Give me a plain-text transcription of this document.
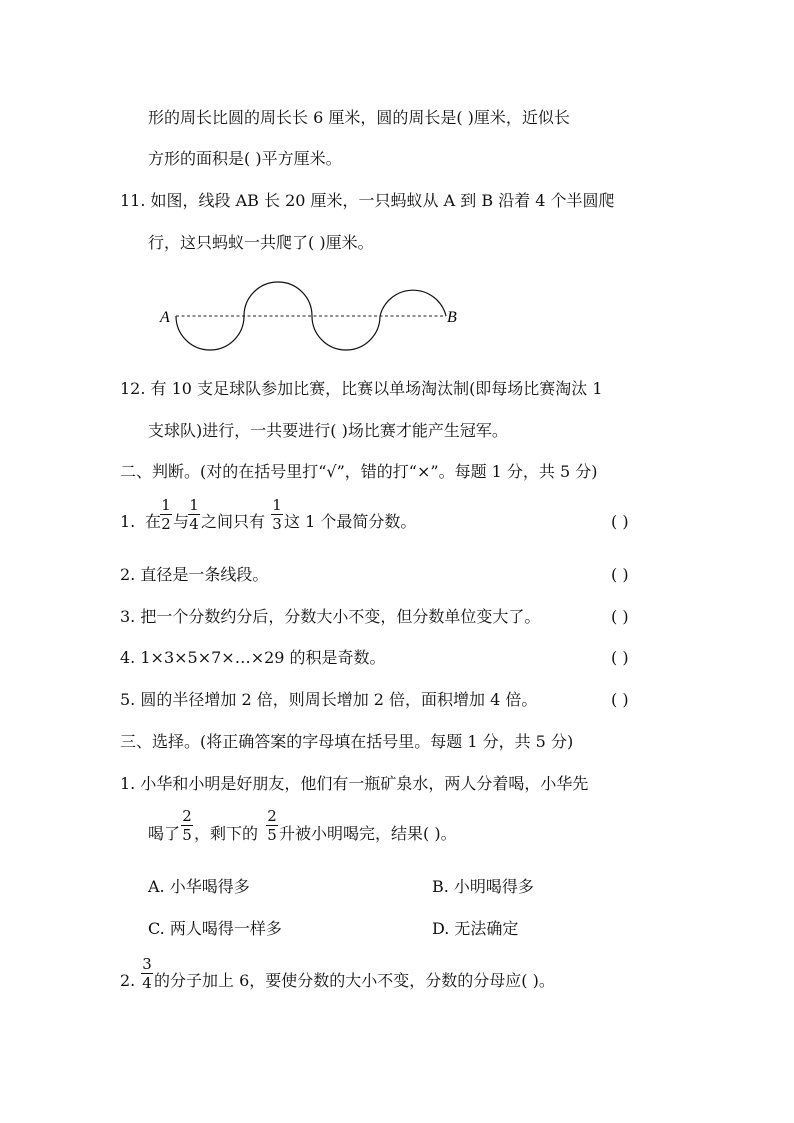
形的周长比圆的周长长 6 厘米，圆的周长是( )厘米，近似长
方形的面积是( )平方厘米。
11. 如图，线段 AB 长 20 厘米，一只蚂蚁从 A 到 B 沿着 4 个半圆爬
行，这只蚂蚁一共爬了( )厘米。
A	B
12. 有 10 支足球队参加比赛，比赛以单场淘汰制(即每场比赛淘汰 1
支球队)进行，一共要进行( )场比赛才能产生冠军。
二、判断。(对的在括号里打“√”，错的打“×”。每题 1 分，共 5 分)
1. 在
1
2 与
1
4 之间只有
1
3 这 1 个最简分数。	( )
2. 直径是一条线段。	( )
3. 把一个分数约分后，分数大小不变，但分数单位变大了。	( )
4. 1×3×5×7×…×29 的积是奇数。	( )
5. 圆的半径增加 2 倍，则周长增加 2 倍，面积增加 4 倍。	( )
三、选择。(将正确答案的字母填在括号里。每题 1 分，共 5 分)
1. 小华和小明是好朋友，他们有一瓶矿泉水，两人分着喝，小华先
喝了
2
5 ，剩下的
2
5 升被小明喝完，结果( )。
A. 小华喝得多	B. 小明喝得多
C. 两人喝得一样多	D. 无法确定
2.
3
4 的分子加上 6，要使分数的大小不变，分数的分母应( )。
